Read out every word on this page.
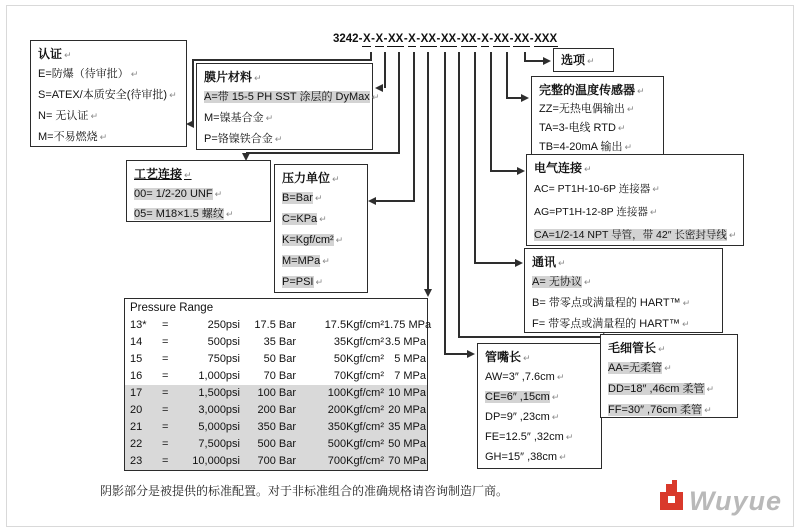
3242-X-X-XX-X-XX-XX-XX-X-XX-XX-XXX
认证 ↵
E=防爆（待审批） ↵
S=ATEX/本质安全(待审批) ↵
N= 无认证 ↵
M=不易燃烧 ↵
膜片材料 ↵
A=带 15-5 PH SST 涂层的 DyMax ↵
M=镍基合金 ↵
P=铬镍铁合金 ↵
工艺连接 ↵
00= 1/2-20 UNF ↵
05= M18×1.5 螺纹 ↵
压力单位 ↵
B=Bar ↵
C=KPa ↵
K=Kgf/cm² ↵
M=MPa ↵
P=PSI ↵
选项 ↵
完整的温度传感器 ↵
ZZ=无热电偶输出 ↵
TA=3-电线 RTD ↵
TB=4-20mA 输出 ↵
电气连接 ↵
AC= PT1H-10-6P 连接器 ↵
AG=PT1H-12-8P 连接器 ↵
CA=1/2-14 NPT 导管，带 42″ 长密封导线 ↵
通讯 ↵
A= 无协议 ↵
B= 带零点或满量程的 HART™ ↵
F= 带零点或满量程的 HART™ ↵
管嘴长 ↵
AW=3″ ,7.6cm ↵
CE=6″ ,15cm ↵
DP=9″ ,23cm ↵
FE=12.5″ ,32cm ↵
GH=15″ ,38cm ↵
毛细管长 ↵
AA=无柔管 ↵
DD=18″ ,46cm 柔管 ↵
FF=30″ ,76cm 柔管 ↵
Pressure Range
13*	=	250psi	17.5 Bar	17.5Kgf/cm² 1.75 MPa
14	=	500psi	35 Bar	35Kgf/cm² 3.5 MPa
15	=	750psi	50 Bar	50Kgf/cm² 5 MPa
16	=	1,000psi	70 Bar	70Kgf/cm² 7 MPa
17	=	1,500psi	100 Bar	100Kgf/cm² 10 MPa
20	=	3,000psi	200 Bar	200Kgf/cm² 20 MPa
21	=	5,000psi	350 Bar	350Kgf/cm² 35 MPa
22	=	7,500psi	500 Bar	500Kgf/cm² 50 MPa
23	=	10,000psi	700 Bar	700Kgf/cm² 70 MPa
阴影部分是被提供的标准配置。对于非标准组合的准确规格请咨询制造厂商。	Wuyue
